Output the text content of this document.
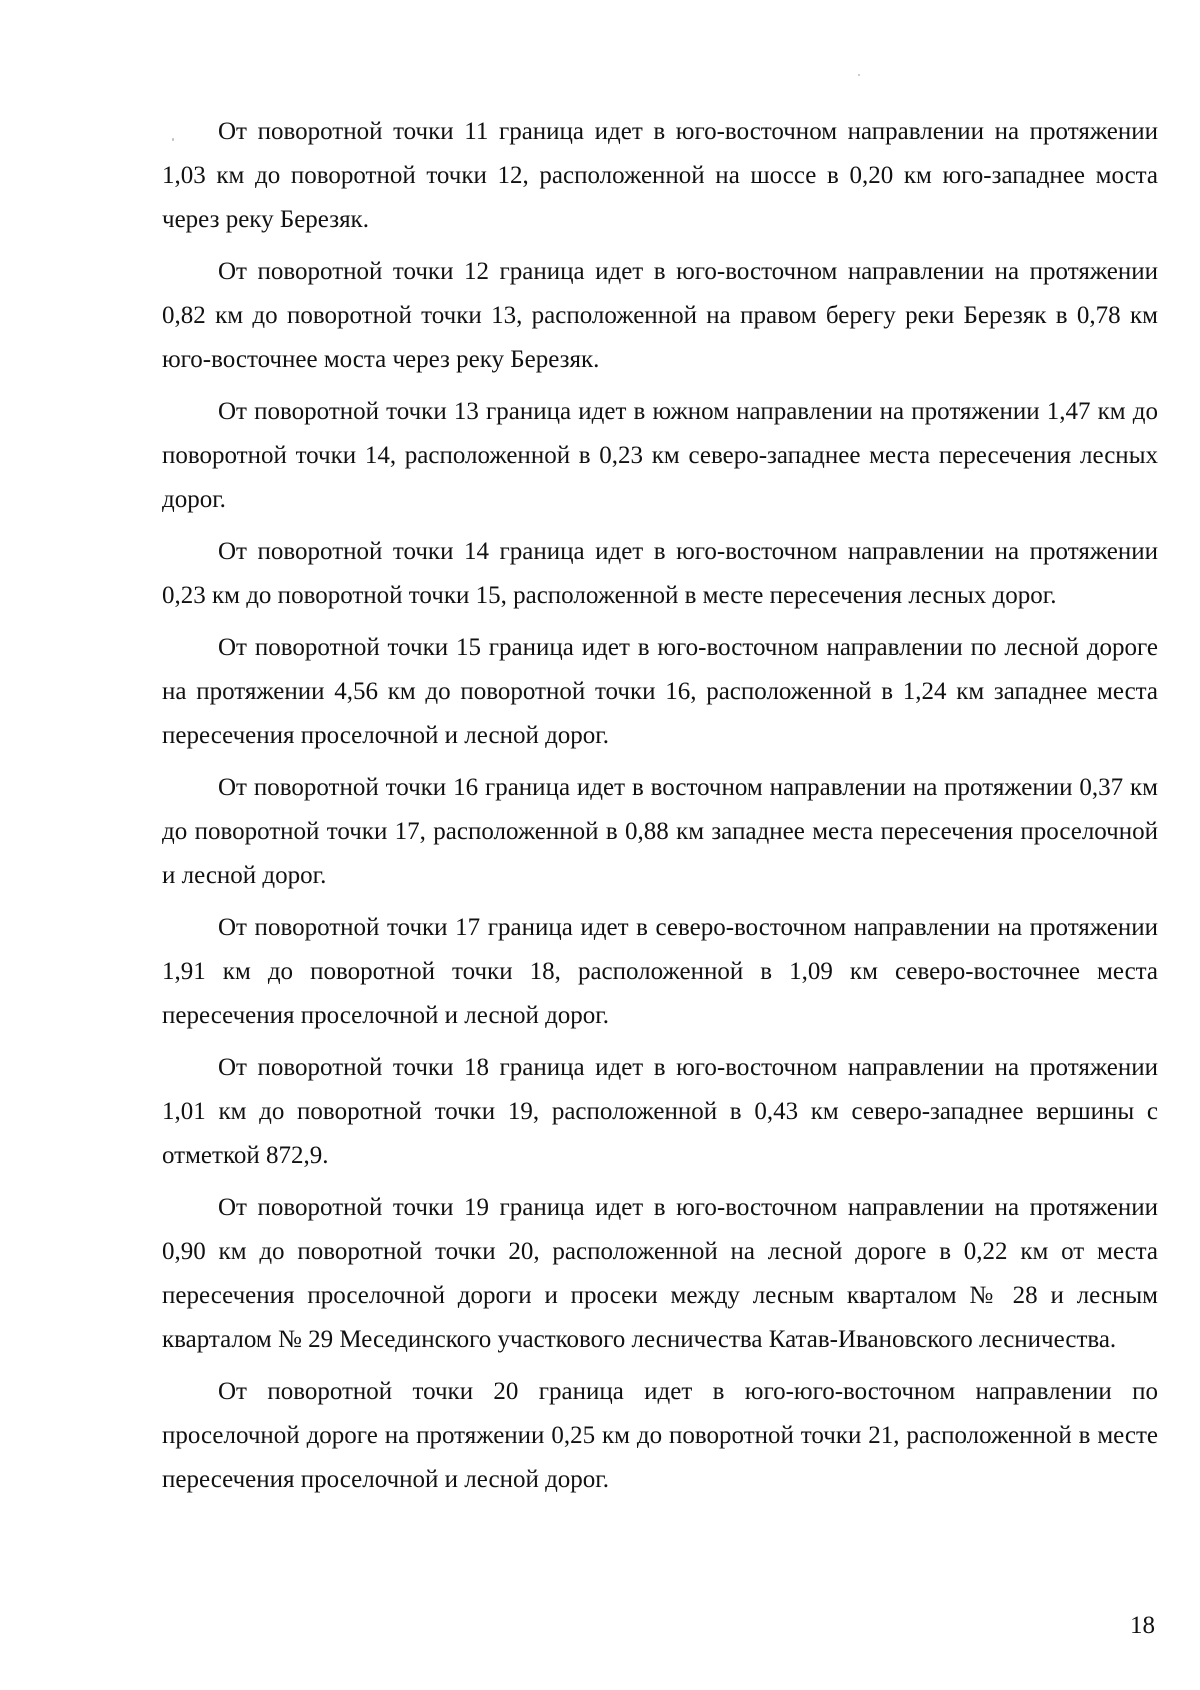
От поворотной точки 11 граница идет в юго-восточном направлении на протяжении 1,03 км до поворотной точки 12, расположенной на шоссе в 0,20 км юго-западнее моста через реку Березяк.

От поворотной точки 12 граница идет в юго-восточном направлении на протяжении 0,82 км до поворотной точки 13, расположенной на правом берегу реки Березяк в 0,78 км юго-восточнее моста через реку Березяк.

От поворотной точки 13 граница идет в южном направлении на протяжении 1,47 км до поворотной точки 14, расположенной в 0,23 км северо-западнее места пересечения лесных дорог.

От поворотной точки 14 граница идет в юго-восточном направлении на протяжении 0,23 км до поворотной точки 15, расположенной в месте пересечения лесных дорог.

От поворотной точки 15 граница идет в юго-восточном направлении по лесной дороге на протяжении 4,56 км до поворотной точки 16, расположенной в 1,24 км западнее места пересечения проселочной и лесной дорог.

От поворотной точки 16 граница идет в восточном направлении на протяжении 0,37 км до поворотной точки 17, расположенной в 0,88 км западнее места пересечения проселочной и лесной дорог.

От поворотной точки 17 граница идет в северо-восточном направлении на протяжении 1,91 км до поворотной точки 18, расположенной в 1,09 км северо-восточнее места пересечения проселочной и лесной дорог.

От поворотной точки 18 граница идет в юго-восточном направлении на протяжении 1,01 км до поворотной точки 19, расположенной в 0,43 км северо-западнее вершины с отметкой 872,9.

От поворотной точки 19 граница идет в юго-восточном направлении на протяжении 0,90 км до поворотной точки 20, расположенной на лесной дороге в 0,22 км от места пересечения проселочной дороги и просеки между лесным кварталом № 28 и лесным кварталом № 29 Месединского участкового лесничества Катав-Ивановского лесничества.

От поворотной точки 20 граница идет в юго-юго-восточном направлении по проселочной дороге на протяжении 0,25 км до поворотной точки 21, расположенной в месте пересечения проселочной и лесной дорог.

18
